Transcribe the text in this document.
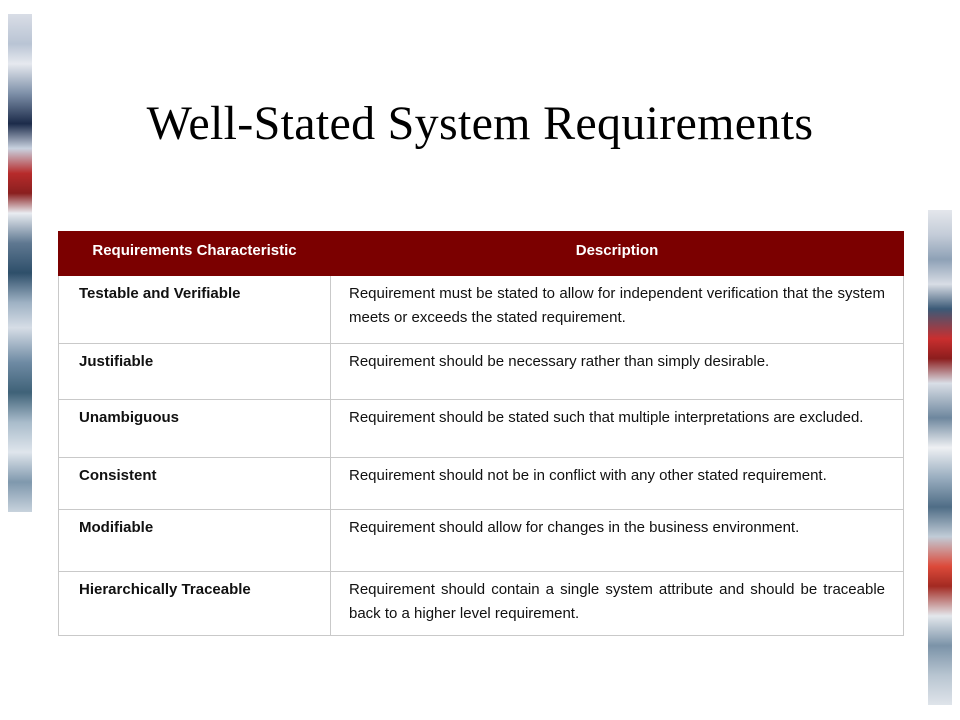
Well-Stated System Requirements
Requirements Characteristic	Description
Testable and Verifiable	Requirement must be stated to allow for independent verification that the system meets or exceeds the stated requirement.
Justifiable	Requirement should be necessary rather than simply desirable.
Unambiguous	Requirement should be stated such that multiple interpretations are excluded.
Consistent	Requirement should not be in conflict with any other stated requirement.
Modifiable	Requirement should allow for changes in the business environment.
Hierarchically Traceable	Requirement should contain a single system attribute and should be traceable back to a higher level requirement.
